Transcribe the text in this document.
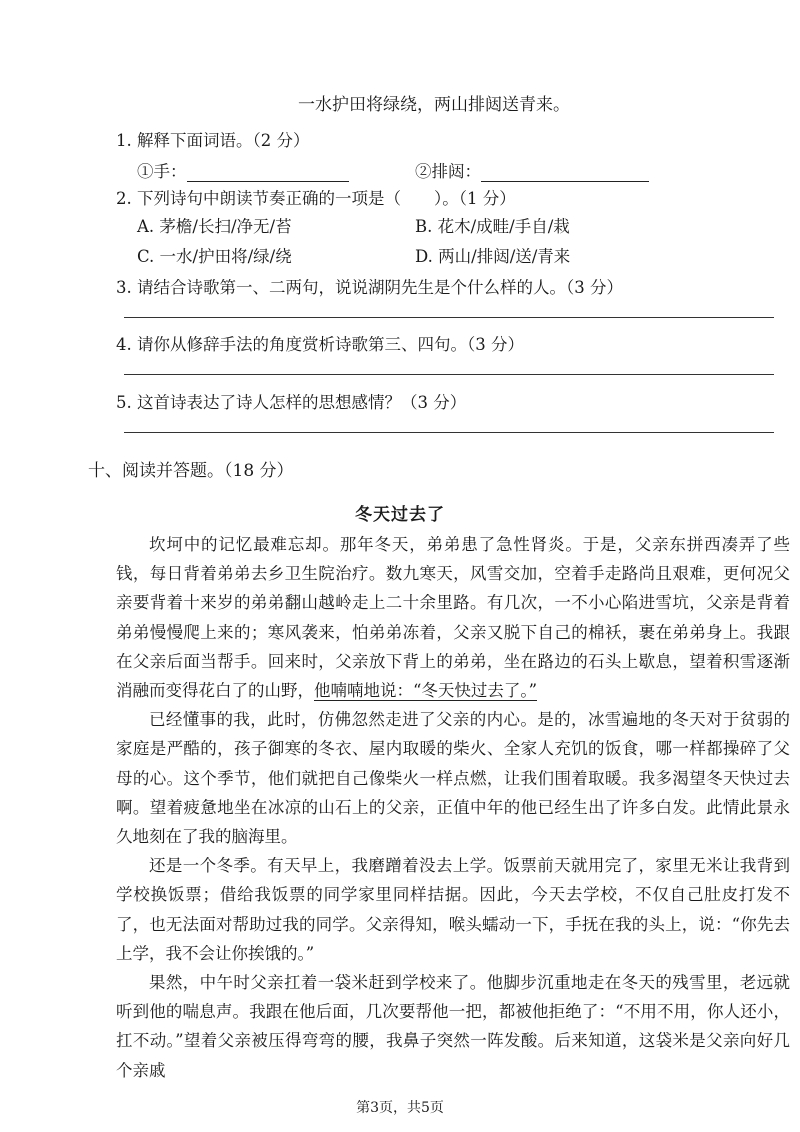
一水护田将绿绕，两山排闼送青来。
1. 解释下面词语。（2 分）
①手：	②排闼：
2. 下列诗句中朗读节奏正确的一项是（　　）。（1 分）
A. 茅檐/长扫/净无/苔	B. 花木/成畦/手自/栽
C. 一水/护田将/绿/绕	D. 两山/排闼/送/青来
3. 请结合诗歌第一、二两句，说说湖阴先生是个什么样的人。（3 分）
4. 请你从修辞手法的角度赏析诗歌第三、四句。（3 分）
5. 这首诗表达了诗人怎样的思想感情？（3 分）
十、阅读并答题。（18 分）
冬天过去了

坎坷中的记忆最难忘却。那年冬天，弟弟患了急性肾炎。于是，父亲东拼西凑弄了些钱，每日背着弟弟去乡卫生院治疗。数九寒天，风雪交加，空着手走路尚且艰难，更何况父亲要背着十来岁的弟弟翻山越岭走上二十余里路。有几次，一不小心陷进雪坑，父亲是背着弟弟慢慢爬上来的；寒风袭来，怕弟弟冻着，父亲又脱下自己的棉袄，裹在弟弟身上。我跟在父亲后面当帮手。回来时，父亲放下背上的弟弟，坐在路边的石头上歇息，望着积雪逐渐消融而变得花白了的山野，他喃喃地说：“冬天快过去了。”

已经懂事的我，此时，仿佛忽然走进了父亲的内心。是的，冰雪遍地的冬天对于贫弱的家庭是严酷的，孩子御寒的冬衣、屋内取暖的柴火、全家人充饥的饭食，哪一样都操碎了父母的心。这个季节，他们就把自己像柴火一样点燃，让我们围着取暖。我多渴望冬天快过去啊。望着疲惫地坐在冰凉的山石上的父亲，正值中年的他已经生出了许多白发。此情此景永久地刻在了我的脑海里。

还是一个冬季。有天早上，我磨蹭着没去上学。饭票前天就用完了，家里无米让我背到学校换饭票；借给我饭票的同学家里同样拮据。因此，今天去学校，不仅自己肚皮打发不了，也无法面对帮助过我的同学。父亲得知，喉头蠕动一下，手抚在我的头上，说：“你先去上学，我不会让你挨饿的。”

果然，中午时父亲扛着一袋米赶到学校来了。他脚步沉重地走在冬天的残雪里，老远就听到他的喘息声。我跟在他后面，几次要帮他一把，都被他拒绝了：“不用不用，你人还小，扛不动。”望着父亲被压得弯弯的腰，我鼻子突然一阵发酸。后来知道，这袋米是父亲向好几个亲戚

第3页，共5页
